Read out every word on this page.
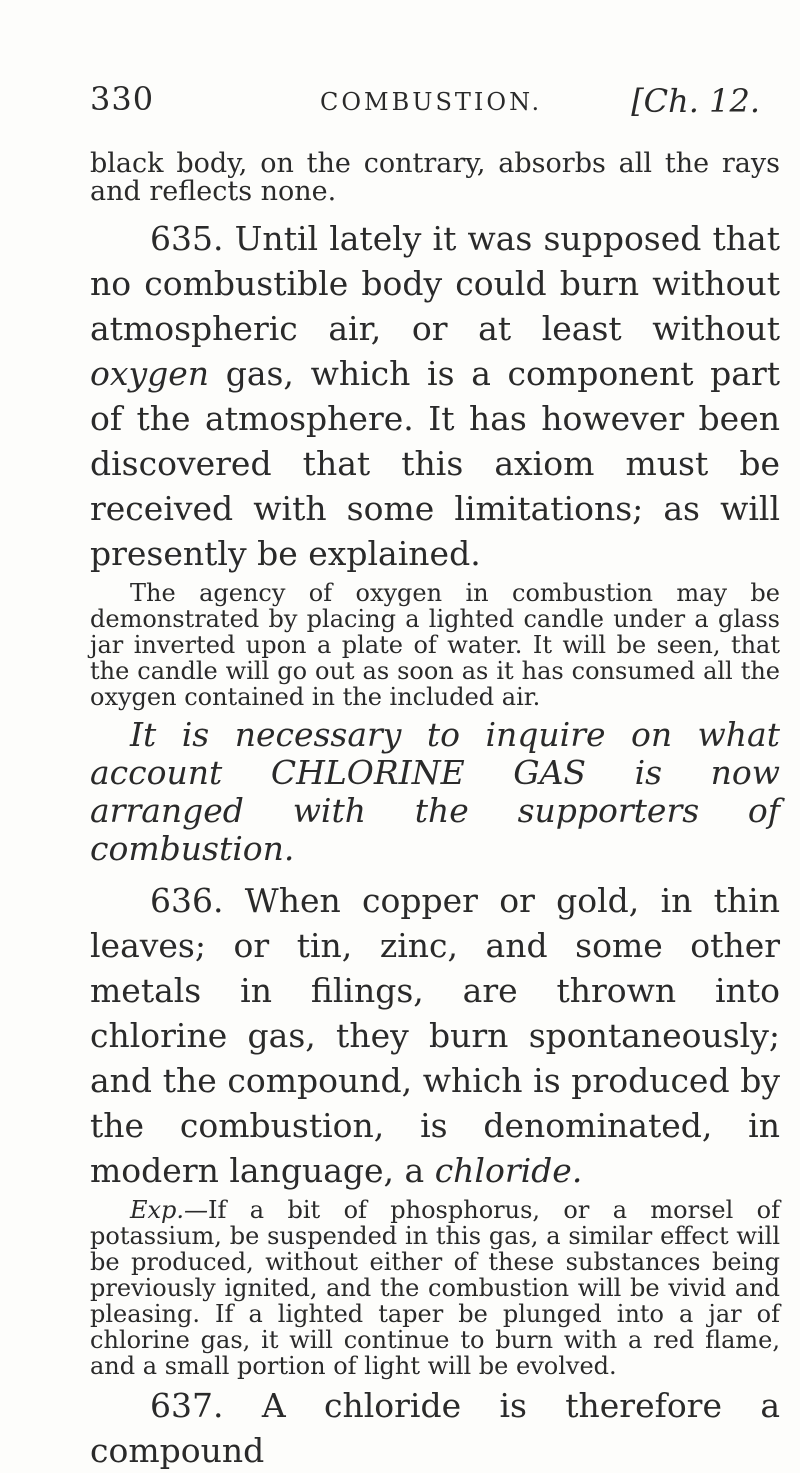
330	COMBUSTION.	[Ch. 12.

black body, on the contrary, absorbs all the rays and reflects none.

635. Until lately it was supposed that no combustible body could burn without atmospheric air, or at least without oxygen gas, which is a component part of the atmosphere. It has however been discovered that this axiom must be received with some limitations; as will presently be explained.

The agency of oxygen in combustion may be demonstrated by placing a lighted candle under a glass jar inverted upon a plate of water. It will be seen, that the candle will go out as soon as it has consumed all the oxygen contained in the included air.

It is necessary to inquire on what account CHLORINE GAS is now arranged with the supporters of combustion.

636. When copper or gold, in thin leaves; or tin, zinc, and some other metals in filings, are thrown into chlorine gas, they burn spontaneously; and the compound, which is produced by the combustion, is denominated, in modern language, a chloride.

Exp.—If a bit of phosphorus, or a morsel of potassium, be suspended in this gas, a similar effect will be produced, without either of these substances being previously ignited, and the combustion will be vivid and pleasing. If a lighted taper be plunged into a jar of chlorine gas, it will continue to burn with a red flame, and a small portion of light will be evolved.

637. A chloride is therefore a compound
